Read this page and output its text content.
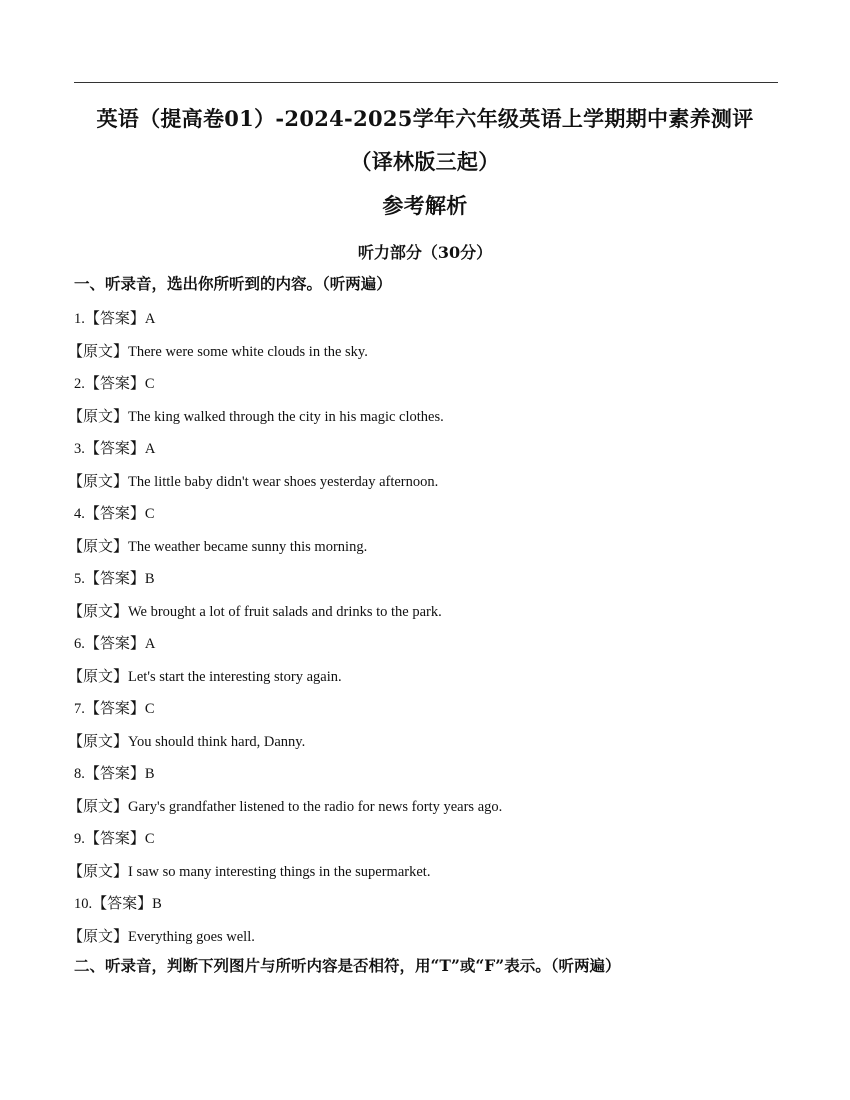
英语（提高卷01）-2024-2025学年六年级英语上学期期中素养测评
（译林版三起）
参考解析
听力部分（30分）
一、听录音，选出你所听到的内容。（听两遍）
1.【答案】A
【原文】There were some white clouds in the sky.
2.【答案】C
【原文】The king walked through the city in his magic clothes.
3.【答案】A
【原文】The little baby didn't wear shoes yesterday afternoon.
4.【答案】C
【原文】The weather became sunny this morning.
5.【答案】B
【原文】We brought a lot of fruit salads and drinks to the park.
6.【答案】A
【原文】Let's start the interesting story again.
7.【答案】C
【原文】You should think hard, Danny.
8.【答案】B
【原文】Gary's grandfather listened to the radio for news forty years ago.
9.【答案】C
【原文】I saw so many interesting things in the supermarket.
10.【答案】B
【原文】Everything goes well.
二、听录音，判断下列图片与所听内容是否相符，用“T”或“F”表示。（听两遍）
